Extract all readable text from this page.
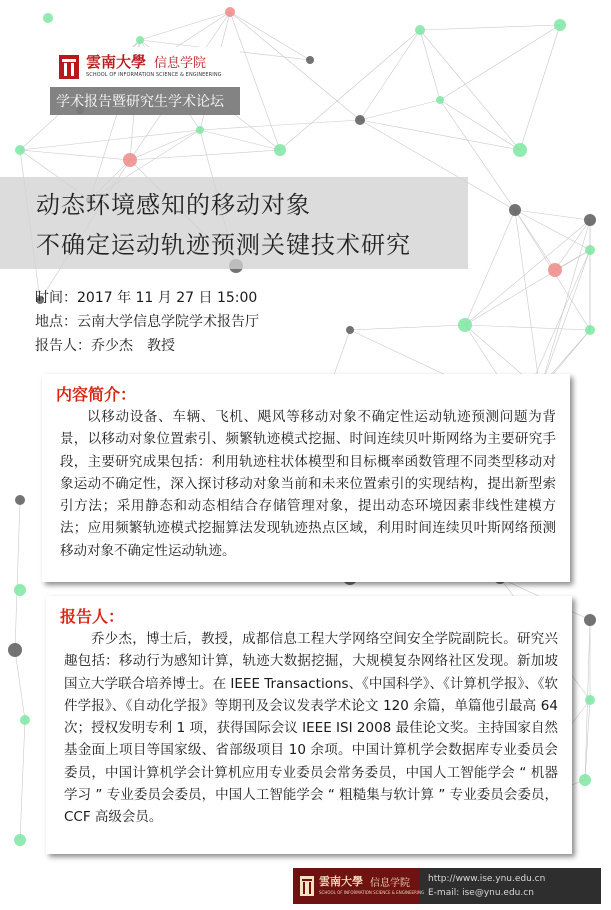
雲南大學 信息学院
SCHOOL OF INFORMATION SCIENCE & ENGINEERING
学术报告暨研究生学术论坛
动态环境感知的移动对象
不确定运动轨迹预测关键技术研究
时间：2017 年 11 月 27 日 15:00
地点：云南大学信息学院学术报告厅
报告人：乔少杰　教授
内容简介：
以移动设备、车辆、飞机、飓风等移动对象不确定性运动轨迹预测问题为背景，以移动对象位置索引、频繁轨迹模式挖掘、时间连续贝叶斯网络为主要研究手段，主要研究成果包括：利用轨迹柱状体模型和目标概率函数管理不同类型移动对象运动不确定性，深入探讨移动对象当前和未来位置索引的实现结构，提出新型索引方法；采用静态和动态相结合存储管理对象，提出动态环境因素非线性建模方法；应用频繁轨迹模式挖掘算法发现轨迹热点区域，利用时间连续贝叶斯网络预测移动对象不确定性运动轨迹。
报告人：
乔少杰，博士后，教授，成都信息工程大学网络空间安全学院副院长。研究兴趣包括：移动行为感知计算，轨迹大数据挖掘，大规模复杂网络社区发现。新加坡国立大学联合培养博士。在 IEEE Transactions、《中国科学》、《计算机学报》、《软件学报》、《自动化学报》等期刊及会议发表学术论文 120 余篇，单篇他引最高 64 次；授权发明专利 1 项，获得国际会议 IEEE ISI 2008 最佳论文奖。主持国家自然基金面上项目等国家级、省部级项目 10 余项。中国计算机学会数据库专业委员会委员，中国计算机学会计算机应用专业委员会常务委员，中国人工智能学会 “ 机器学习 ” 专业委员会委员，中国人工智能学会 “ 粗糙集与软计算 ” 专业委员会委员，CCF 高级会员。
雲南大學 信息学院
SCHOOL OF INFORMATION SCIENCE & ENGINEERING
http://www.ise.ynu.edu.cn
E-mail: ise@ynu.edu.cn
